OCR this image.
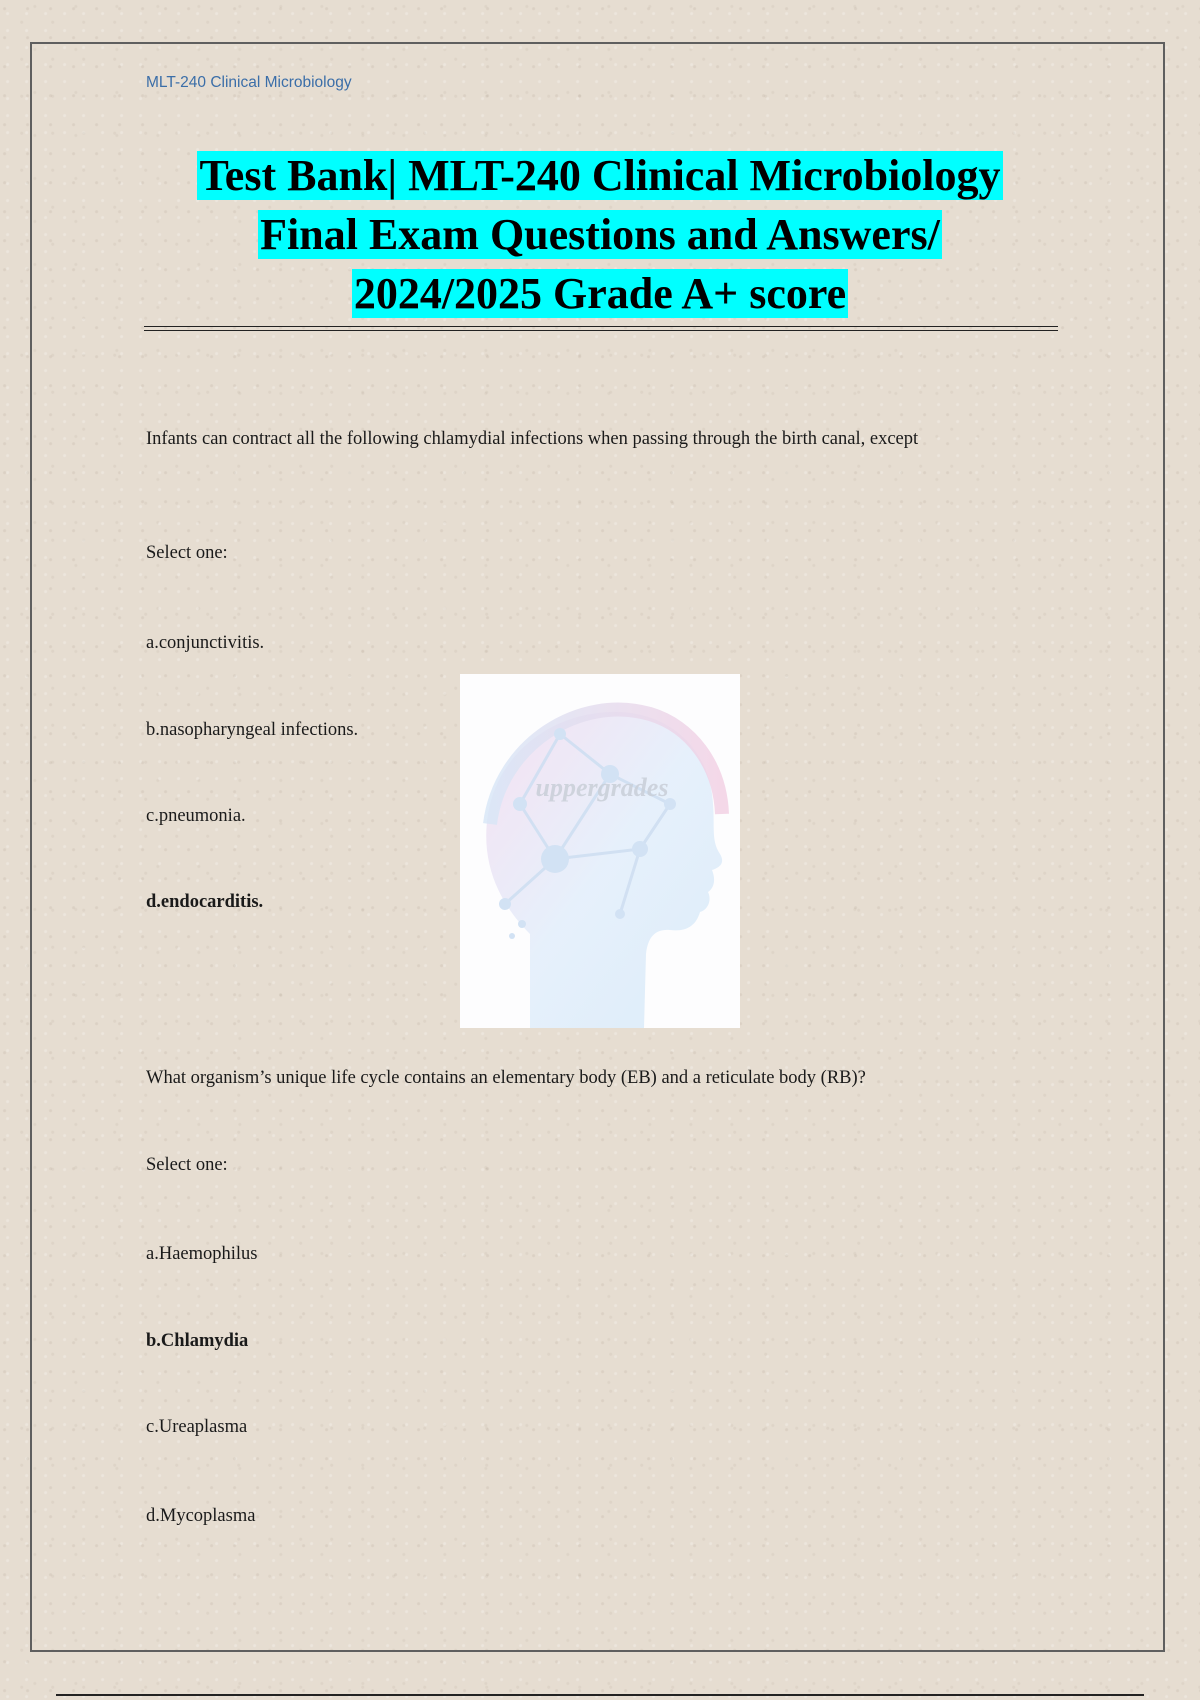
MLT-240 Clinical Microbiology
Test Bank| MLT-240 Clinical Microbiology
Final Exam Questions and Answers/
2024/2025 Grade A+ score
Infants can contract all the following chlamydial infections when passing through the birth canal, except
Select one:
a.conjunctivitis.
b.nasopharyngeal infections.
c.pneumonia.
d.endocarditis.
uppergrades
What organism’s unique life cycle contains an elementary body (EB) and a reticulate body (RB)?
Select one:
a.Haemophilus
b.Chlamydia
c.Ureaplasma
d.Mycoplasma
